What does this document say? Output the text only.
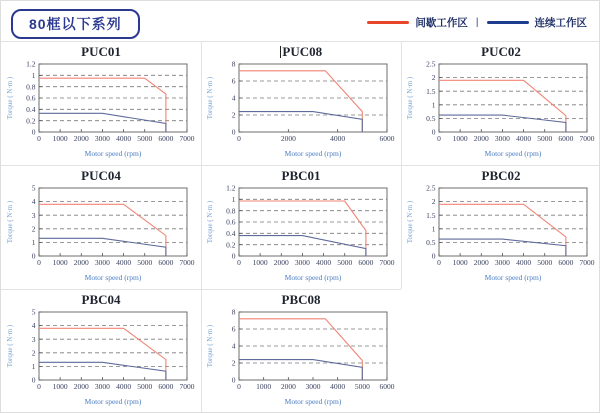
80框以下系列	间歇工作区 |	连续工作区
PUC01
0
0.2
0.4
0.6
0.8
1
1.2
0 1000 2000 3000 4000 5000 6000 7000
Torque ( N·m )
Motor speed (rpm)
PUC08
0
2
4
6
8
0	2000	4000	6000
Torque ( N·m )
Motor speed (rpm)
PUC02
0
0.5
1
1.5
2
2.5
0 1000 2000 3000 4000 5000 6000 7000
Torque ( N·m )
Motor speed (rpm)
PUC04
0
1
2
3
4
5
0 1000 2000 3000 4000 5000 6000 7000
Torque ( N·m )
Motor speed (rpm)
PBC01
0
0.2
0.4
0.6
0.8
1
1.2
0 1000 2000 3000 4000 5000 6000 7000
Torque ( N·m )
Motor speed (rpm)
PBC02
0
0.5
1
1.5
2
2.5
0 1000 2000 3000 4000 5000 6000 7000
Torque ( N·m )
Motor speed (rpm)
PBC04
0
1
2
3
4
5
0 1000 2000 3000 4000 5000 6000 7000
Torque ( N·m )
Motor speed (rpm)
PBC08
0
2
4
6
8
0 1000 2000 3000 4000 5000 6000
Torque ( N·m )
Motor speed (rpm)
